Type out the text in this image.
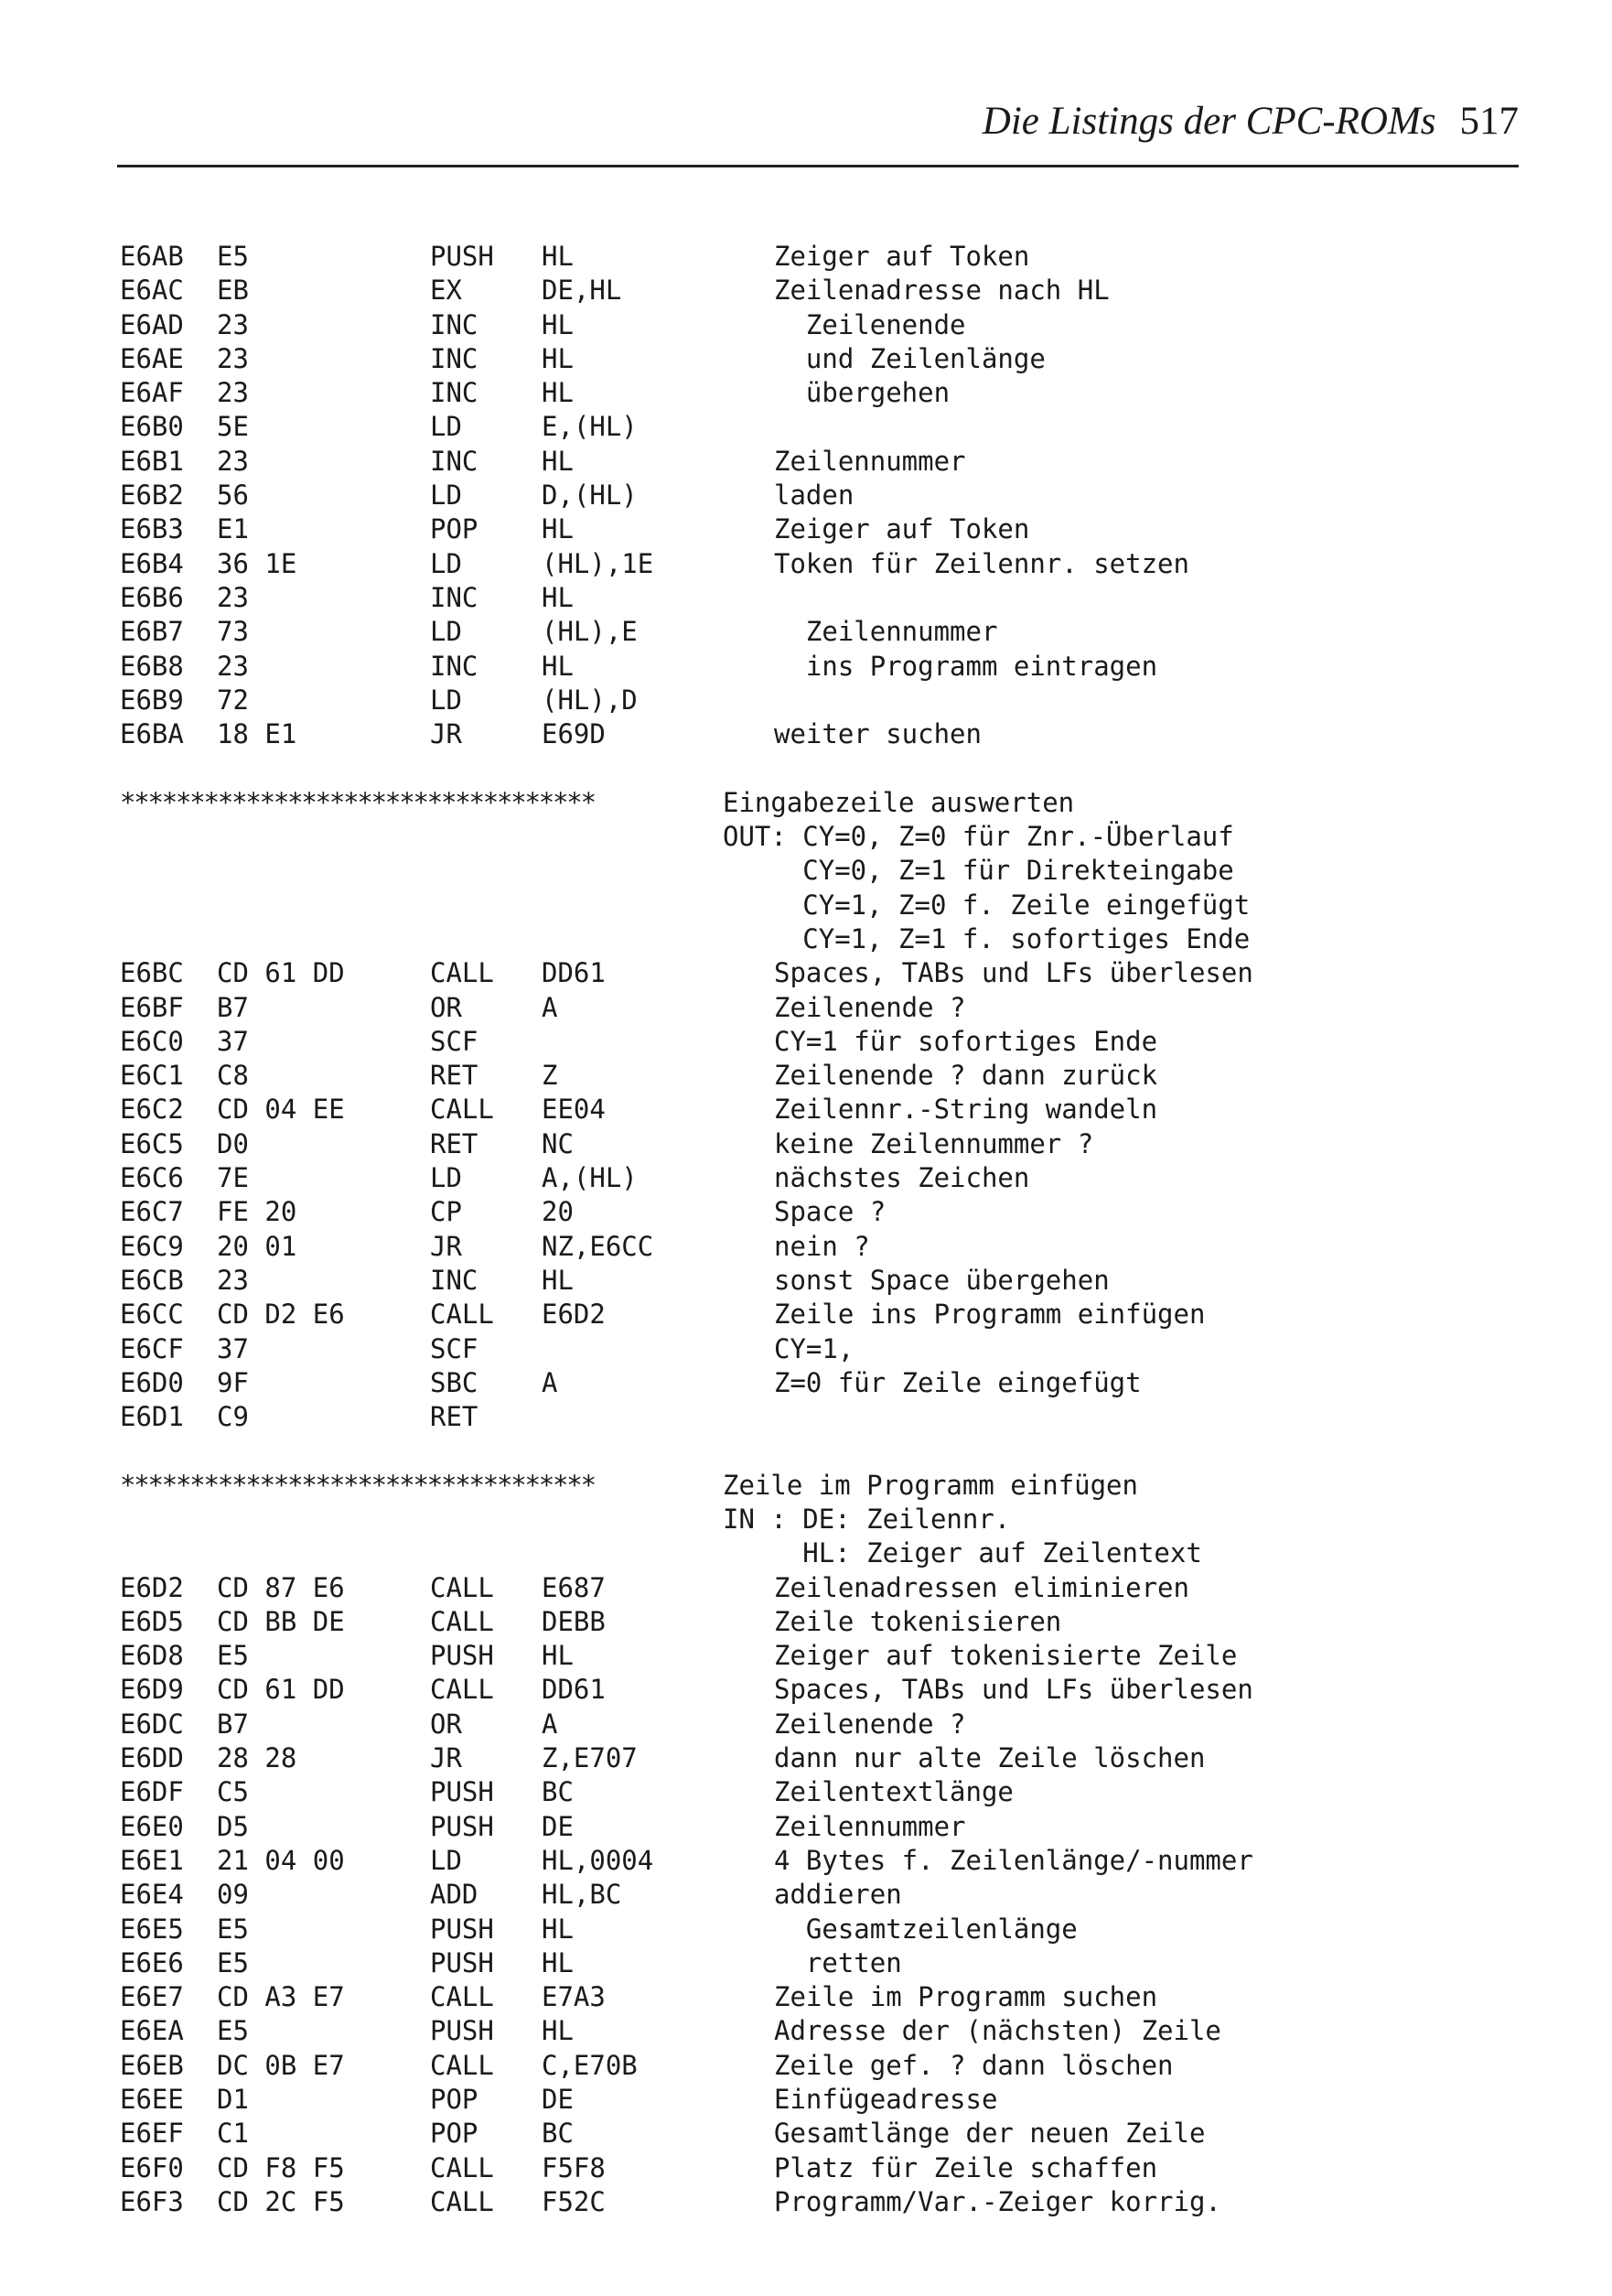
Die Listings der CPC-ROMs 517
E6AB E5	PUSH HL	Zeiger auf Token
E6AC EB	EX	DE,HL	Zeilenadresse nach HL
E6AD 23	INC HL	Zeilenende
E6AE 23	INC HL	und Zeilenlänge
E6AF 23	INC HL	übergehen
E6B0 5E	LD	E,(HL)
E6B1 23	INC HL	Zeilennummer
E6B2 56	LD	D,(HL)	laden
E6B3 E1	POP HL	Zeiger auf Token
E6B4 36 1E	LD	(HL),1E	Token für Zeilennr. setzen
E6B6 23	INC HL
E6B7 73	LD	(HL),E	Zeilennummer
E6B8 23	INC HL	ins Programm eintragen
E6B9 72	LD	(HL),D
E6BA 18 E1	JR	E69D	weiter suchen
**********************************	Eingabezeile auswerten
OUT: CY=0, Z=0 für Znr.-Überlauf
CY=0, Z=1 für Direkteingabe
CY=1, Z=0 f. Zeile eingefügt
CY=1, Z=1 f. sofortiges Ende
E6BC CD 61 DD	CALL DD61	Spaces, TABs und LFs überlesen
E6BF B7	OR	A	Zeilenende ?
E6C0 37	SCF	CY=1 für sofortiges Ende
E6C1 C8	RET Z	Zeilenende ? dann zurück
E6C2 CD 04 EE	CALL EE04	Zeilennr.-String wandeln
E6C5 D0	RET NC	keine Zeilennummer ?
E6C6 7E	LD	A,(HL)	nächstes Zeichen
E6C7 FE 20	CP	20	Space ?
E6C9 20 01	JR	NZ,E6CC	nein ?
E6CB 23	INC HL	sonst Space übergehen
E6CC CD D2 E6	CALL E6D2	Zeile ins Programm einfügen
E6CF 37	SCF	CY=1,
E6D0 9F	SBC A	Z=0 für Zeile eingefügt
E6D1 C9	RET
**********************************	Zeile im Programm einfügen
IN : DE: Zeilennr.
HL: Zeiger auf Zeilentext
E6D2 CD 87 E6	CALL E687	Zeilenadressen eliminieren
E6D5 CD BB DE	CALL DEBB	Zeile tokenisieren
E6D8 E5	PUSH HL	Zeiger auf tokenisierte Zeile
E6D9 CD 61 DD	CALL DD61	Spaces, TABs und LFs überlesen
E6DC B7	OR	A	Zeilenende ?
E6DD 28 28	JR	Z,E707	dann nur alte Zeile löschen
E6DF C5	PUSH BC	Zeilentextlänge
E6E0 D5	PUSH DE	Zeilennummer
E6E1 21 04 00	LD	HL,0004	4 Bytes f. Zeilenlänge/-nummer
E6E4 09	ADD HL,BC	addieren
E6E5 E5	PUSH HL	Gesamtzeilenlänge
E6E6 E5	PUSH HL	retten
E6E7 CD A3 E7	CALL E7A3	Zeile im Programm suchen
E6EA E5	PUSH HL	Adresse der (nächsten) Zeile
E6EB DC 0B E7	CALL C,E70B	Zeile gef. ? dann löschen
E6EE D1	POP DE	Einfügeadresse
E6EF C1	POP BC	Gesamtlänge der neuen Zeile
E6F0 CD F8 F5	CALL F5F8	Platz für Zeile schaffen
E6F3 CD 2C F5	CALL F52C	Programm/Var.-Zeiger korrig.
